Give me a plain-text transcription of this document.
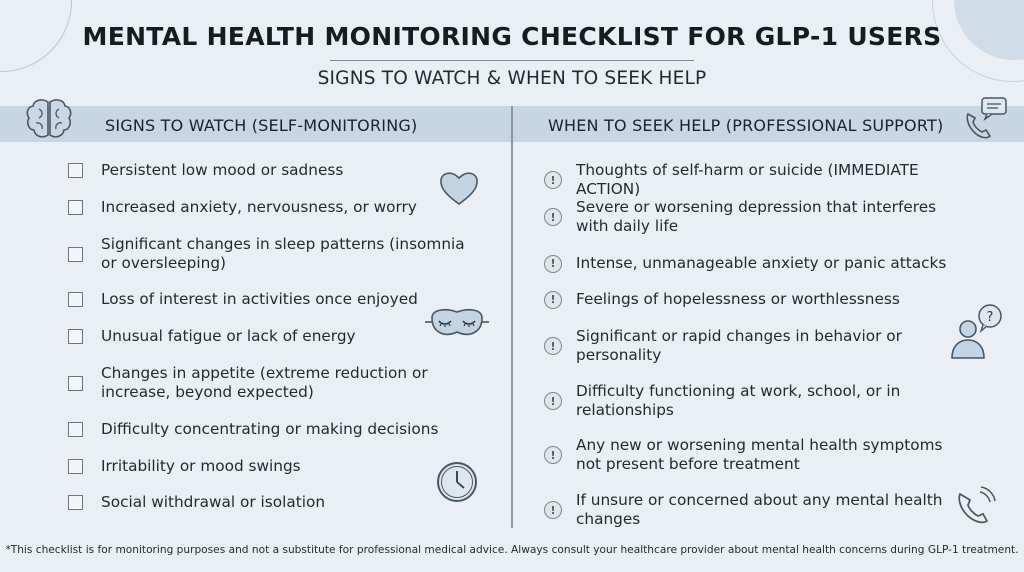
MENTAL HEALTH MONITORING CHECKLIST FOR GLP-1 USERS
SIGNS TO WATCH & WHEN TO SEEK HELP
SIGNS TO WATCH (SELF-MONITORING)	WHEN TO SEEK HELP (PROFESSIONAL SUPPORT)
Persistent low mood or sadness
Increased anxiety, nervousness, or worry
Significant changes in sleep patterns (insomnia or oversleeping)
Loss of interest in activities once enjoyed
Unusual fatigue or lack of energy
Changes in appetite (extreme reduction or increase, beyond expected)
Difficulty concentrating or making decisions
Irritability or mood swings
Social withdrawal or isolation
!
Thoughts of self-harm or suicide (IMMEDIATE ACTION)
!
Severe or worsening depression that interferes with daily life
!	Intense, unmanageable anxiety or panic attacks
!	Feelings of hopelessness or worthlessness
!
Significant or rapid changes in behavior or personality
!
Difficulty functioning at work, school, or in relationships
!
Any new or worsening mental health symptoms not present before treatment
!
If unsure or concerned about any mental health changes
?
*This checklist is for monitoring purposes and not a substitute for professional medical advice. Always consult your healthcare provider about mental health concerns during GLP-1 treatment.
